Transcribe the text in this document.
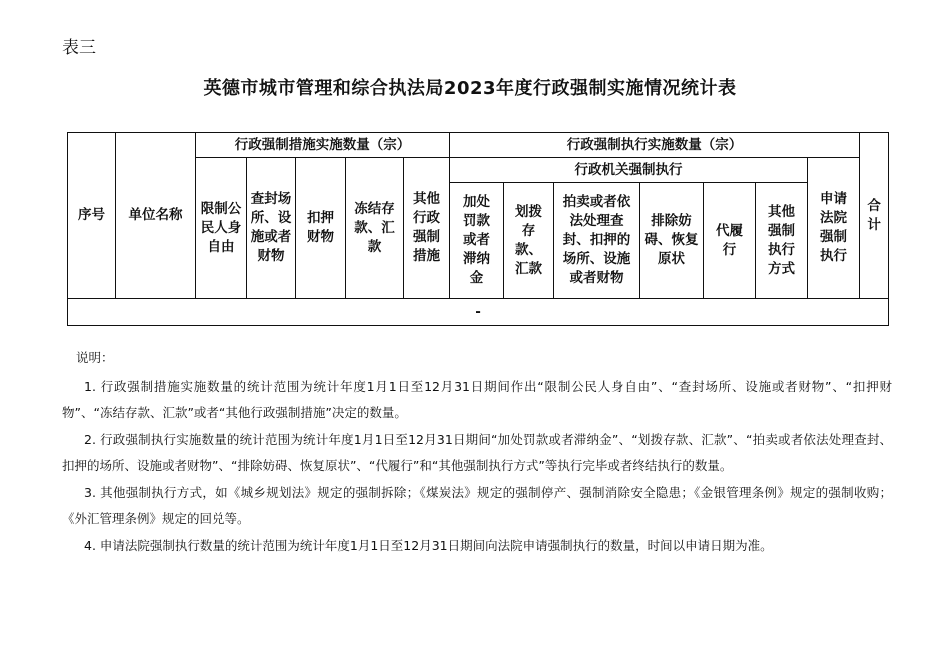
表三
英德市城市管理和综合执法局2023年度行政强制实施情况统计表
序号	单位名称	行政强制措施实施数量（宗）					行政强制执行实施数量（宗）							合计
		限制公民人身自由	查封场所、设施或者财物	扣押财物	冻结存款、汇款	其他行政强制措施	行政机关强制执行						申请法院强制执行	
							加处罚款或者滞纳金	划拨存款、汇款	拍卖或者依法处理查封、扣押的场所、设施或者财物	排除妨碍、恢复原状	代履行	其他强制执行方式		
-														
说明：
1. 行政强制措施实施数量的统计范围为统计年度1月1日至12月31日期间作出“限制公民人身自由”、“查封场所、设施或者财物”、“扣押财物”、“冻结存款、汇款”或者“其他行政强制措施”决定的数量。
2. 行政强制执行实施数量的统计范围为统计年度1月1日至12月31日期间“加处罚款或者滞纳金”、“划拨存款、汇款”、“拍卖或者依法处理查封、扣押的场所、设施或者财物”、“排除妨碍、恢复原状”、“代履行”和“其他强制执行方式”等执行完毕或者终结执行的数量。
3. 其他强制执行方式，如《城乡规划法》规定的强制拆除；《煤炭法》规定的强制停产、强制消除安全隐患；《金银管理条例》规定的强制收购；《外汇管理条例》规定的回兑等。
4. 申请法院强制执行数量的统计范围为统计年度1月1日至12月31日期间向法院申请强制执行的数量，时间以申请日期为准。
